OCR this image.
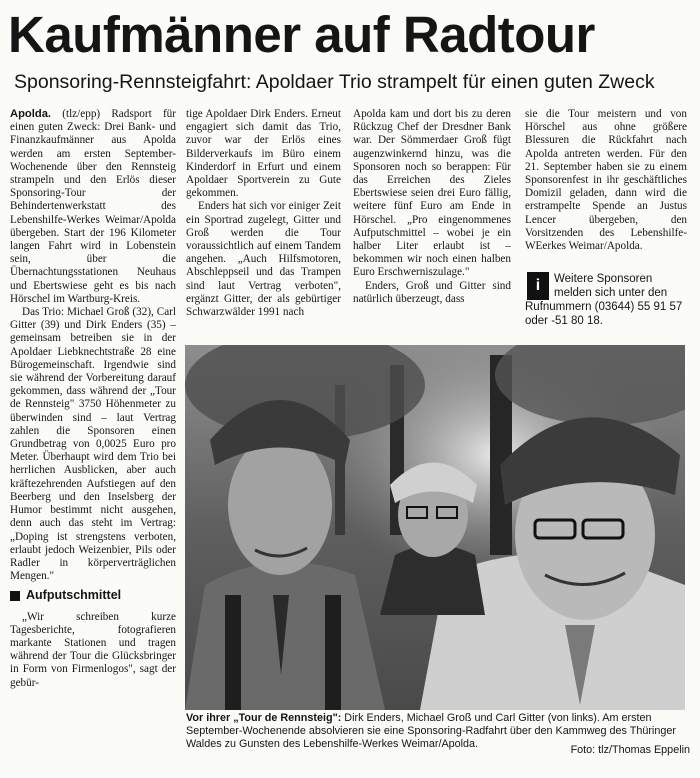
Kaufmänner auf Radtour
Sponsoring-Rennsteigfahrt: Apoldaer Trio strampelt für einen guten Zweck

Apolda. (tlz/epp) Radsport für einen guten Zweck: Drei Bank- und Finanzkaufmänner aus Apolda werden am ersten September-Wochenende über den Rennsteig strampeln und den Erlös dieser Sponsoring-Tour der Behindertenwerkstatt des Lebenshilfe-Werkes Weimar/Apolda übergeben. Start der 196 Kilometer langen Fahrt wird in Lobenstein sein, über die Übernachtungsstationen Neuhaus und Ebertswiese geht es bis nach Hörschel im Wartburg-Kreis.

Das Trio: Michael Groß (32), Carl Gitter (39) und Dirk Enders (35) – gemeinsam betreiben sie in der Apoldaer Liebknechtstraße 28 eine Bürogemeinschaft. Irgendwie sind sie während der Vorbereitung darauf gekommen, dass während der „Tour de Rennsteig" 3750 Höhenmeter zu überwinden sind – laut Vertrag zahlen die Sponsoren einen Grundbetrag von 0,0025 Euro pro Meter. Überhaupt wird dem Trio bei herrlichen Ausblicken, aber auch kräftezehrenden Aufstiegen auf den Beerberg und den Inselsberg der Humor bestimmt nicht ausgehen, denn auch das steht im Vertrag: „Doping ist strengstens verboten, erlaubt jedoch Weizenbier, Pils oder Radler in körperverträglichen Mengen."

Aufputschmittel

„Wir schreiben kurze Tagesberichte, fotografieren markante Stationen und tragen während der Tour die Glücksbringer in Form von Firmenlogos", sagt der gebür-

tige Apoldaer Dirk Enders. Erneut engagiert sich damit das Trio, zuvor war der Erlös eines Bilderverkaufs im Büro einem Kinderdorf in Erfurt und einem Apoldaer Sportverein zu Gute gekommen.

Enders hat sich vor einiger Zeit ein Sportrad zugelegt, Gitter und Groß werden die Tour voraussichtlich auf einem Tandem angehen. „Auch Hilfsmotoren, Abschleppseil und das Trampen sind laut Vertrag verboten", ergänzt Gitter, der als gebürtiger Schwarzwälder 1991 nach

Apolda kam und dort bis zu deren Rückzug Chef der Dresdner Bank war. Der Sömmerdaer Groß fügt augenzwinkernd hinzu, was die Sponsoren noch so berappen: Für das Erreichen des Zieles Ebertswiese seien drei Euro fällig, weitere fünf Euro am Ende in Hörschel. „Pro eingenommenes Aufputschmittel – wobei je ein halber Liter erlaubt ist – bekommen wir noch einen halben Euro Erschwerniszulage."

Enders, Groß und Gitter sind natürlich überzeugt, dass

sie die Tour meistern und von Hörschel aus ohne größere Blessuren die Rückfahrt nach Apolda antreten werden. Für den 21. September haben sie zu einem Sponsorenfest in ihr geschäftliches Domizil geladen, dann wird die erstrampelte Spende an Justus Lencer übergeben, den Vorsitzenden des Lebenshilfe-WEerkes Weimar/Apolda.

i	Weitere Sponsoren melden sich unter den Rufnummern (03644) 55 91 57 oder -51 80 18.
Vor ihrer „Tour de Rennsteig": Dirk Enders, Michael Groß und Carl Gitter (von links). Am ersten September-Wochenende absolvieren sie eine Sponsoring-Radfahrt über den Kammweg des Thüringer Waldes zu Gunsten des Lebenshilfe-Werkes Weimar/Apolda.	Foto: tlz/Thomas Eppelin
